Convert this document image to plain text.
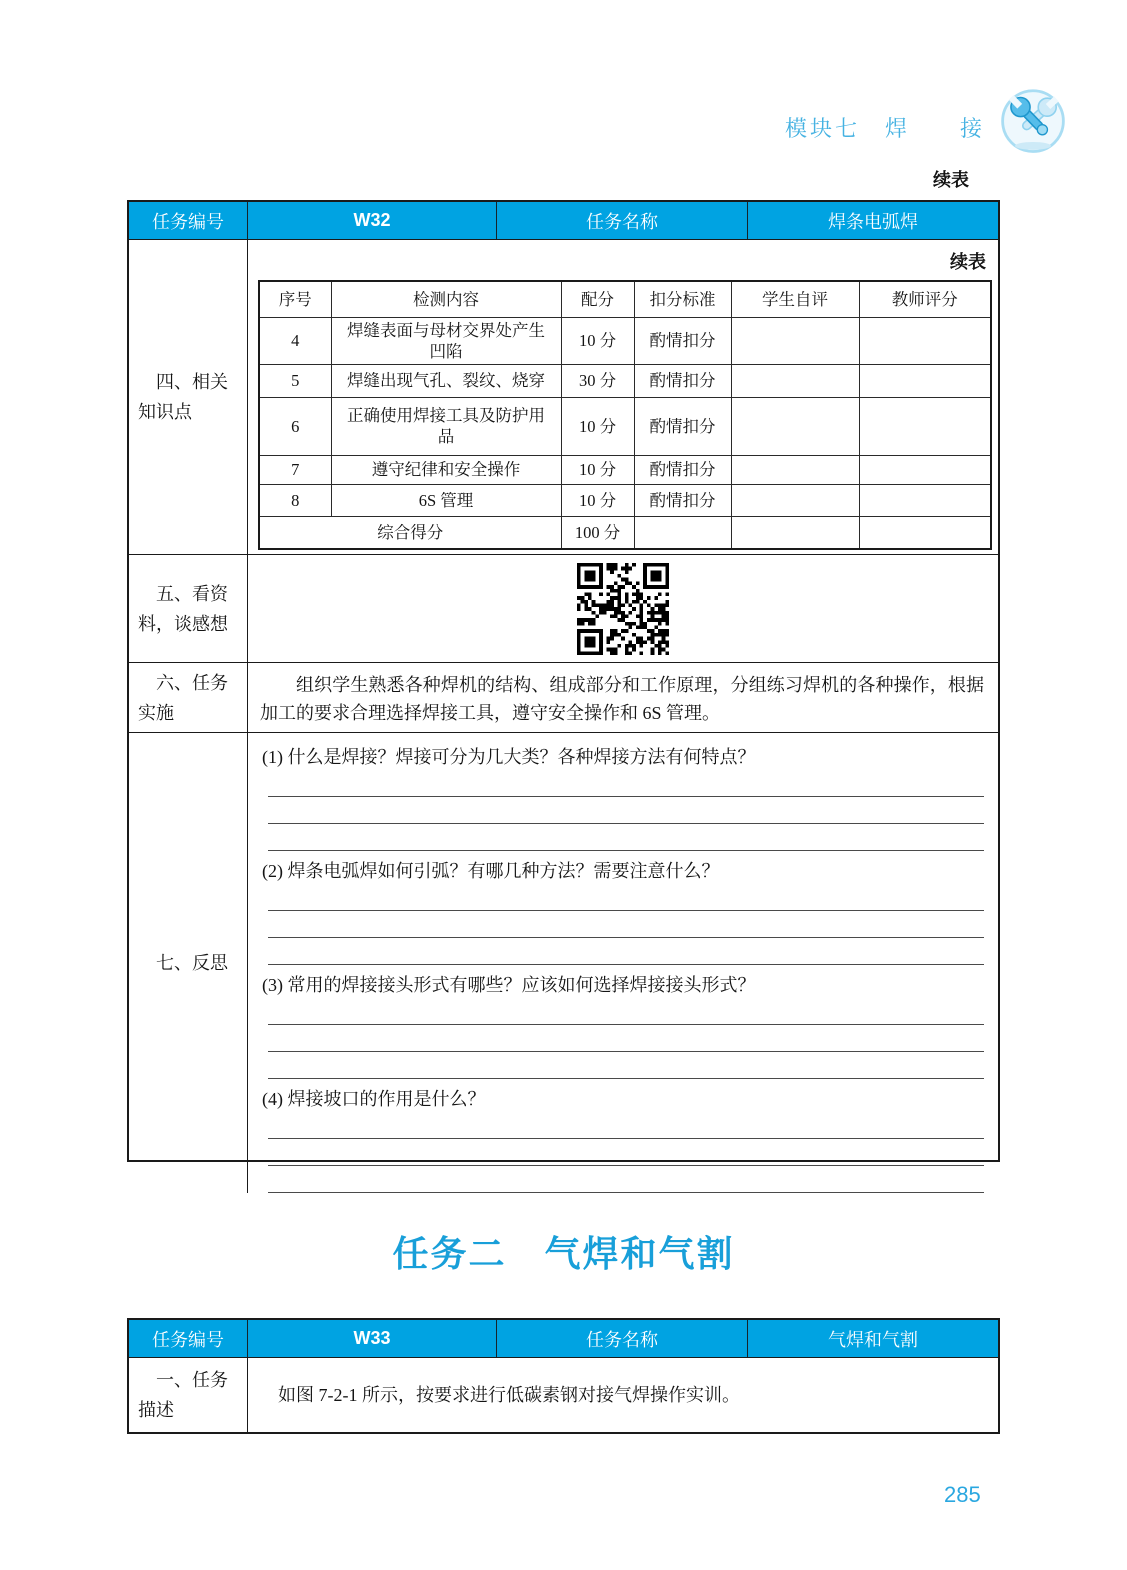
模块七　焊　　接
续表
任务编号	W32	任务名称	焊条电弧焊

四、相关知识点

续表
序号	检测内容	配分	扣分标准	学生自评	教师评分
4	焊缝表面与母材交界处产生凹陷	10 分	酌情扣分		
5	焊缝出现气孔、裂纹、烧穿	30 分	酌情扣分		
6	正确使用焊接工具及防护用品	10 分	酌情扣分		
7	遵守纪律和安全操作	10 分	酌情扣分		
8	6S 管理	10 分	酌情扣分		
综合得分		100 分			

五、看资料，谈感想

六、任务实施

组织学生熟悉各种焊机的结构、组成部分和工作原理，分组练习焊机的各种操作，根据加工的要求合理选择焊接工具，遵守安全操作和 6S 管理。

七、反思

(1) 什么是焊接？焊接可分为几大类？各种焊接方法有何特点？

(2) 焊条电弧焊如何引弧？有哪几种方法？需要注意什么？

(3) 常用的焊接接头形式有哪些？应该如何选择焊接接头形式？

(4) 焊接坡口的作用是什么？

任务二　气焊和气割
任务编号	W33	任务名称	气焊和气割

一、任务描述

如图 7-2-1 所示，按要求进行低碳素钢对接气焊操作实训。

285
